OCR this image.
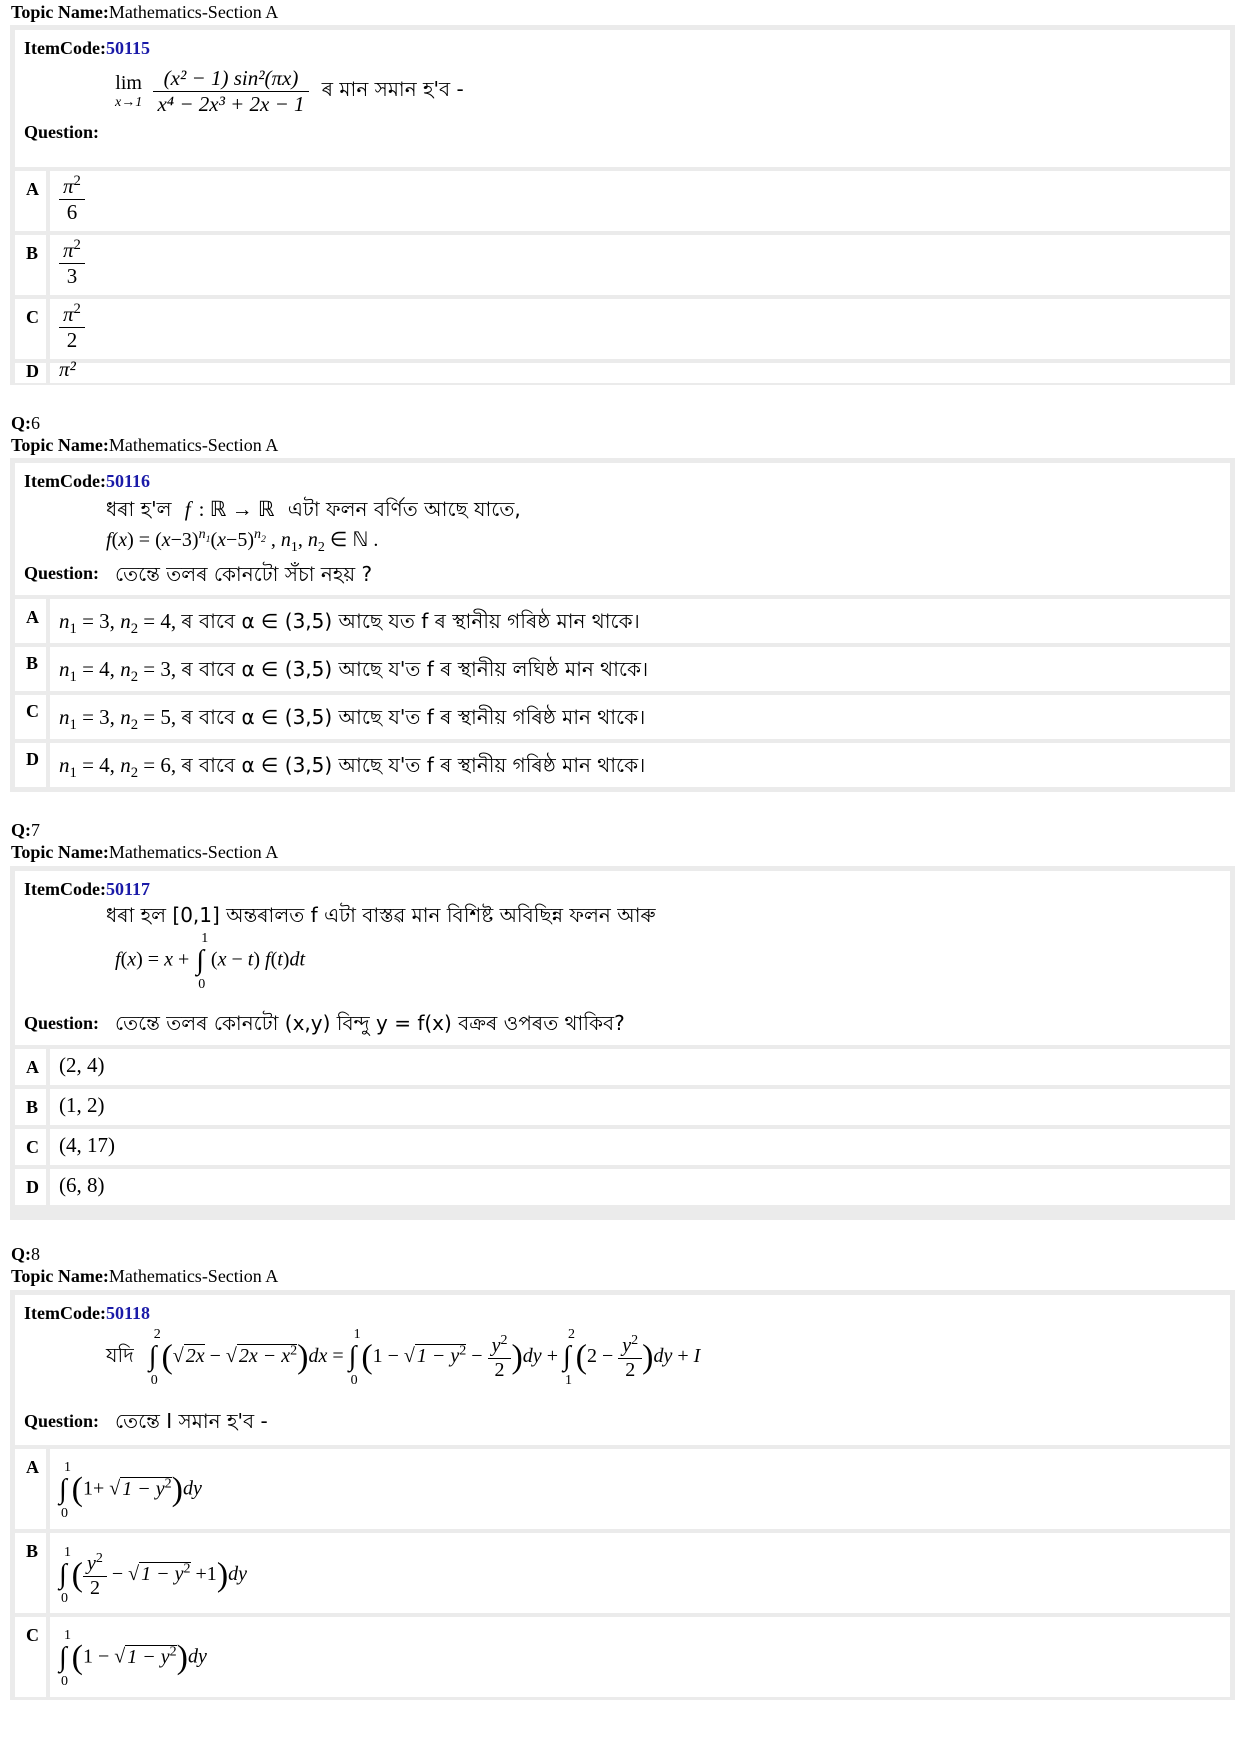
Topic Name:Mathematics-Section A
ItemCode:50115
Question:
lim
x→1
$\frac{\text{(x² − 1) sin²(πx)}}{\text{x⁴ − 2x³ + 2x − 1}}$ ৰ মান সমান হ'ব -
A $\frac{\pi^2}{6}$
B $\frac{\pi^2}{3}$
C $\frac{\pi^2}{2}$
D π²
Q:6
Topic Name:Mathematics-Section A
ItemCode:50116
ধৰা হ'ল f : ℝ → ℝ এটা ফলন বৰ্ণিত আছে যাতে,
$f(x) = (x-3)^{n_1}(x-5)^{n_2}$ , $n_1$, $n_2$ ∈ ℕ .
Question: তেন্তে তলৰ কোনটো সঁচা নহয় ?
A $n_1 = 3$, $n_2 = 4$, ৰ বাবে α ∈ (3,5) আছে যত f ৰ স্থানীয় গৰিষ্ঠ মান থাকে।
B $n_1 = 4$, $n_2 = 3$, ৰ বাবে α ∈ (3,5) আছে য'ত f ৰ স্থানীয় লঘিষ্ঠ মান থাকে।
C $n_1 = 3$, $n_2 = 5$, ৰ বাবে α ∈ (3,5) আছে য'ত f ৰ স্থানীয় গৰিষ্ঠ মান থাকে।
D $n_1 = 4$, $n_2 = 6$, ৰ বাবে α ∈ (3,5) আছে য'ত f ৰ স্থানীয় গৰিষ্ঠ মান থাকে।
Q:7
Topic Name:Mathematics-Section A
ItemCode:50117
ধৰা হল [0,1] অন্তৰালত f এটা বাস্তৱ মান বিশিষ্ট অবিছিন্ন ফলন আৰু
f(x) = x +
1
∫
0
(x − t) f(t)dt
Question: তেন্তে তলৰ কোনটো (x,y) বিন্দু y = f(x) বক্ৰৰ ওপৰত থাকিব?
A (2, 4)
B (1, 2)
C (4, 17)
D (6, 8)
Q:8
Topic Name:Mathematics-Section A
ItemCode:50118
যদি
2
∫
0
(√ 2x − √ $2x - x^2)dx$ =
1
∫
0
(1 − √ $1 - y^2 - \frac{y^2}{2} )dy$ +
2
∫
1
$(2 - \frac{y^2}{2} )dy + I$
Question: তেন্তে I সমান হ'ব -
A 1
∫
0
(1+ √ $1 - y^2)dy$
B 1
∫
0
( $\frac{y^2}{2}$ − √ $1 - y^2 +1)dy$
C 1
∫
0
(1 − √ $1 - y^2)dy$
